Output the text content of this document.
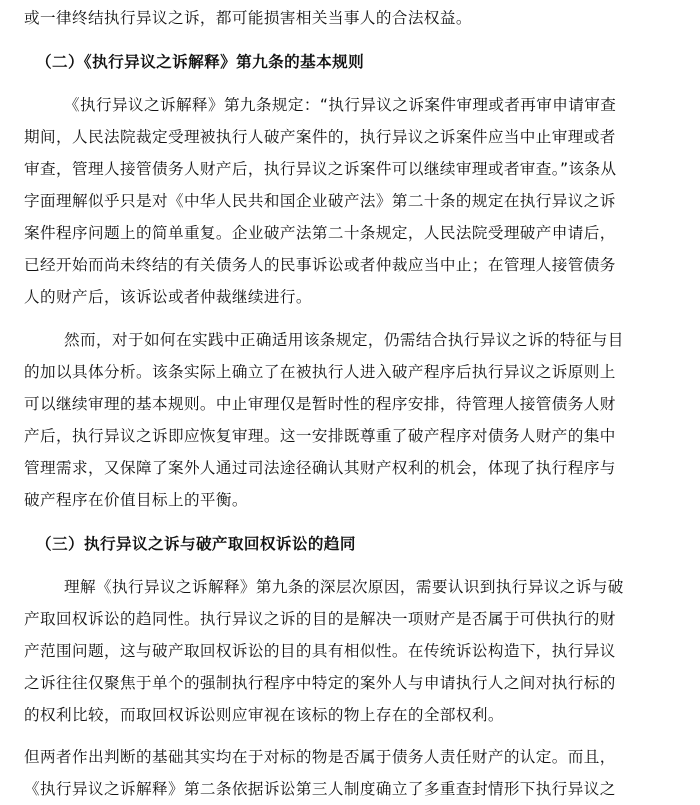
或一律终结执行异议之诉，都可能损害相关当事人的合法权益。
（二）《执行异议之诉解释》第九条的基本规则
《执行异议之诉解释》第九条规定：“执行异议之诉案件审理或者再审申请审查
期间，人民法院裁定受理被执行人破产案件的，执行异议之诉案件应当中止审理或者
审查，管理人接管债务人财产后，执行异议之诉案件可以继续审理或者审查。”该条从
字面理解似乎只是对《中华人民共和国企业破产法》第二十条的规定在执行异议之诉
案件程序问题上的简单重复。企业破产法第二十条规定，人民法院受理破产申请后，
已经开始而尚未终结的有关债务人的民事诉讼或者仲裁应当中止；在管理人接管债务
人的财产后，该诉讼或者仲裁继续进行。
然而，对于如何在实践中正确适用该条规定，仍需结合执行异议之诉的特征与目
的加以具体分析。该条实际上确立了在被执行人进入破产程序后执行异议之诉原则上
可以继续审理的基本规则。中止审理仅是暂时性的程序安排，待管理人接管债务人财
产后，执行异议之诉即应恢复审理。这一安排既尊重了破产程序对债务人财产的集中
管理需求，又保障了案外人通过司法途径确认其财产权利的机会，体现了执行程序与
破产程序在价值目标上的平衡。
（三）执行异议之诉与破产取回权诉讼的趋同
理解《执行异议之诉解释》第九条的深层次原因，需要认识到执行异议之诉与破
产取回权诉讼的趋同性。执行异议之诉的目的是解决一项财产是否属于可供执行的财
产范围问题，这与破产取回权诉讼的目的具有相似性。在传统诉讼构造下，执行异议
之诉往往仅聚焦于单个的强制执行程序中特定的案外人与申请执行人之间对执行标的
的权利比较，而取回权诉讼则应审视在该标的物上存在的全部权利。
但两者作出判断的基础其实均在于对标的物是否属于债务人责任财产的认定。而且，
《执行异议之诉解释》第二条依据诉讼第三人制度确立了多重查封情形下执行异议之
